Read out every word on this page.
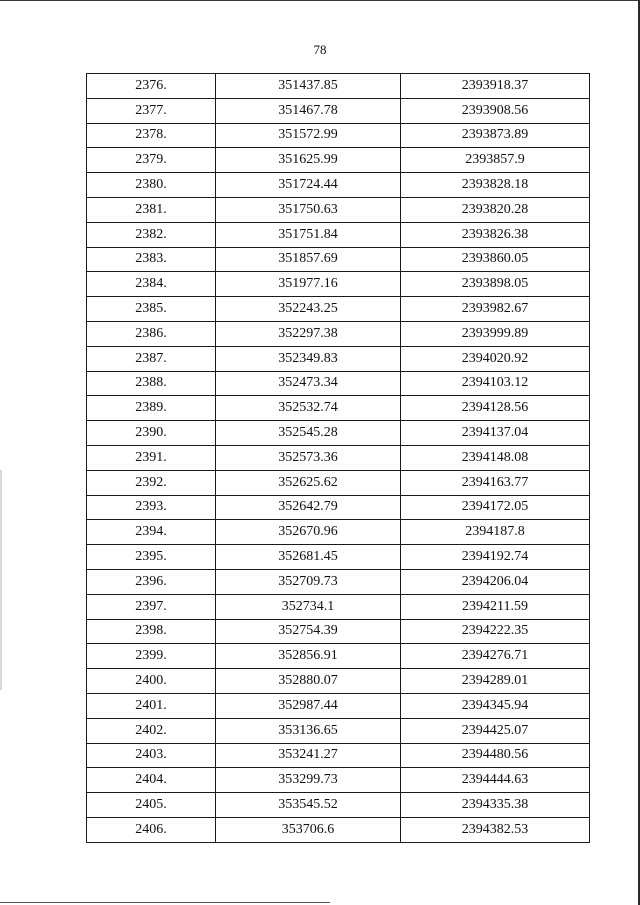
78
2376.	351437.85	2393918.37
2377.	351467.78	2393908.56
2378.	351572.99	2393873.89
2379.	351625.99	2393857.9
2380.	351724.44	2393828.18
2381.	351750.63	2393820.28
2382.	351751.84	2393826.38
2383.	351857.69	2393860.05
2384.	351977.16	2393898.05
2385.	352243.25	2393982.67
2386.	352297.38	2393999.89
2387.	352349.83	2394020.92
2388.	352473.34	2394103.12
2389.	352532.74	2394128.56
2390.	352545.28	2394137.04
2391.	352573.36	2394148.08
2392.	352625.62	2394163.77
2393.	352642.79	2394172.05
2394.	352670.96	2394187.8
2395.	352681.45	2394192.74
2396.	352709.73	2394206.04
2397.	352734.1	2394211.59
2398.	352754.39	2394222.35
2399.	352856.91	2394276.71
2400.	352880.07	2394289.01
2401.	352987.44	2394345.94
2402.	353136.65	2394425.07
2403.	353241.27	2394480.56
2404.	353299.73	2394444.63
2405.	353545.52	2394335.38
2406.	353706.6	2394382.53
